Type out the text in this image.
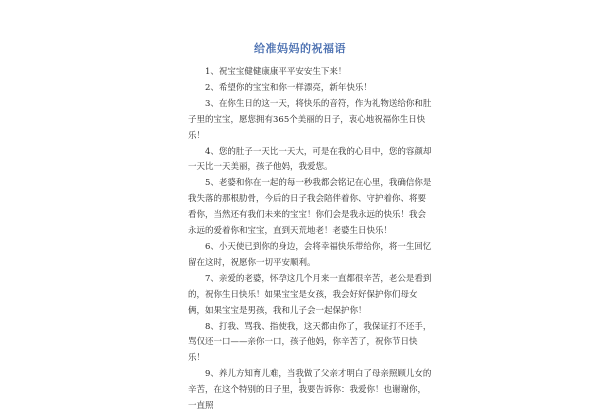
给准妈妈的祝福语

1、祝宝宝健健康康平平安安生下来！

2、希望你的宝宝和你一样漂亮，新年快乐！

3、在你生日的这一天，将快乐的音符，作为礼物送给你和肚子里的宝宝，愿您拥有365个美丽的日子，衷心地祝福你生日快乐！

4、您的肚子一天比一天大，可是在我的心目中，您的容颜却一天比一天美丽，孩子他妈，我爱您。

5、老婆和你在一起的每一秒我都会铭记在心里，我确信你是我失落的那根肋骨，今后的日子我会陪伴着你、守护着你、将要看你，当然还有我们未来的宝宝！你们会是我永远的快乐！我会永远的爱着你和宝宝，直到天荒地老！老婆生日快乐！

6、小天使已到你的身边，会将幸福快乐带给你，将一生回忆留在这时，祝愿你一切平安顺利。

7、亲爱的老婆，怀孕这几个月来一直都很辛苦，老公是看到的，祝你生日快乐！如果宝宝是女孩，我会好好保护你们母女俩，如果宝宝是男孩，我和儿子会一起保护你！

8、打我、骂我、指使我，这天都由你了，我保证打不还手，骂仅还一口——亲你一口，孩子他妈，你辛苦了，祝你节日快乐！

9、养儿方知育儿难，当我做了父亲才明白了母亲照顾儿女的辛苦，在这个特别的日子里，我要告诉你：我爱你！也谢谢你，一直照

1
